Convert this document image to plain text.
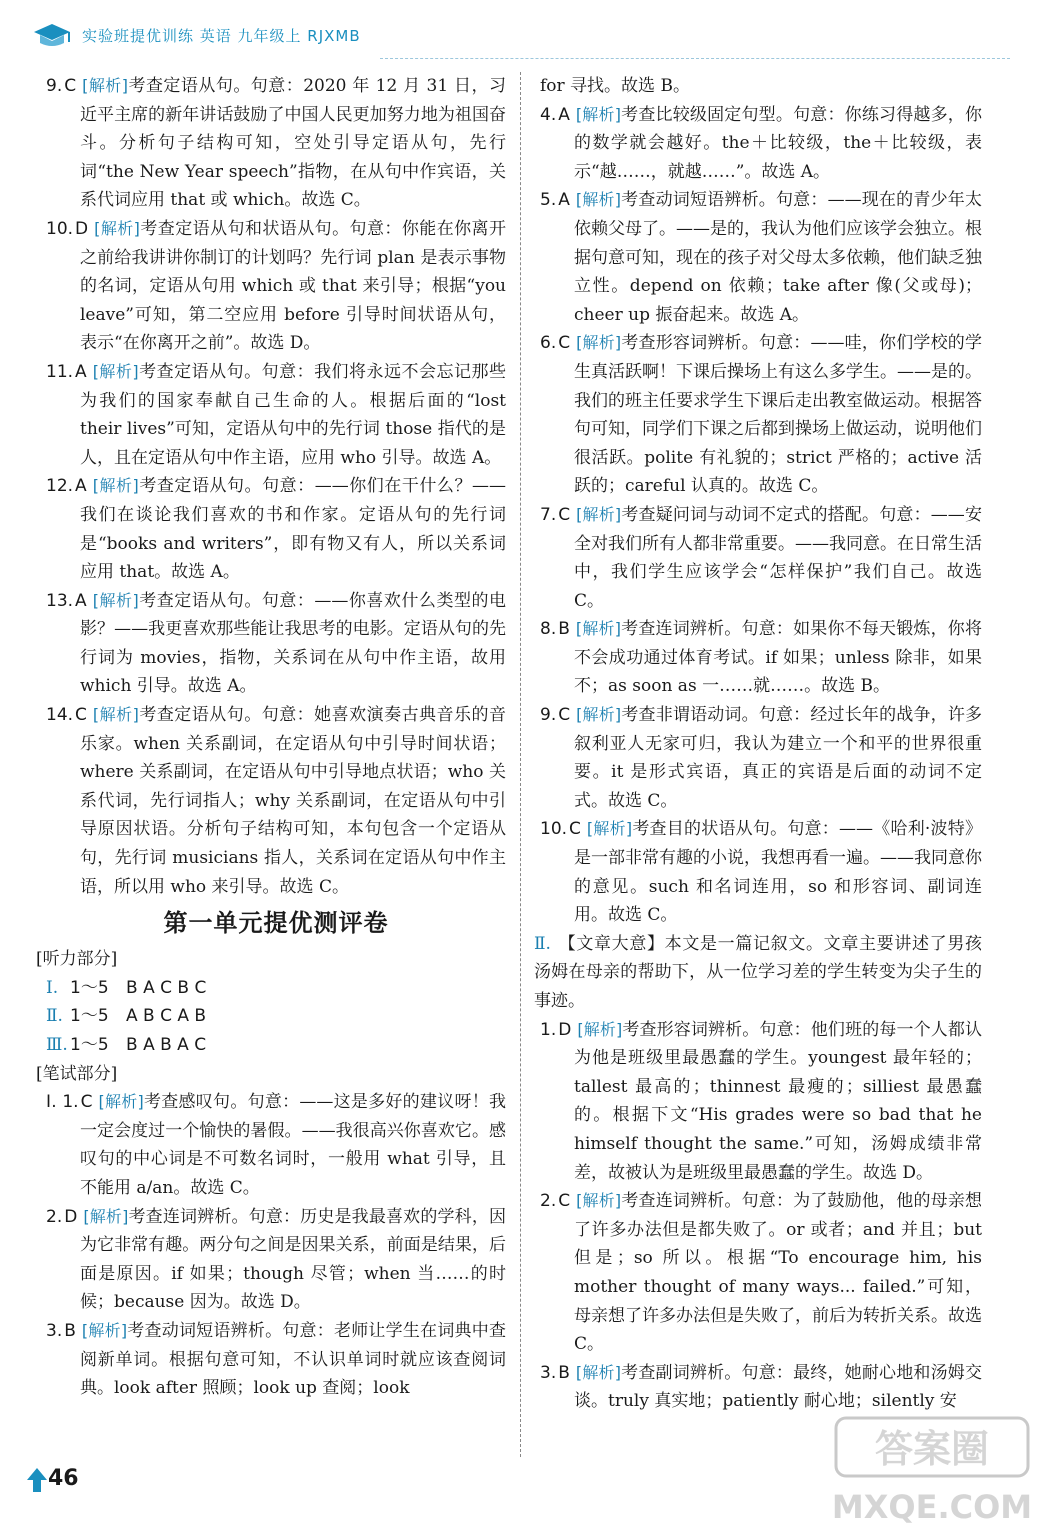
实验班提优训练 英语 九年级上 RJXMB

9. C [解析]考查定语从句。句意：2020 年 12 月 31 日，习近平主席的新年讲话鼓励了中国人民更加努力地为祖国奋斗。分析句子结构可知，空处引导定语从句，先行词“the New Year speech”指物，在从句中作宾语，关系代词应用 that 或 which。故选 C。

10. D [解析]考查定语从句和状语从句。句意：你能在你离开之前给我讲讲你制订的计划吗？先行词 plan 是表示事物的名词，定语从句用 which 或 that 来引导；根据“you leave”可知，第二空应用 before 引导时间状语从句，表示“在你离开之前”。故选 D。

11. A [解析]考查定语从句。句意：我们将永远不会忘记那些为我们的国家奉献自己生命的人。根据后面的“lost their lives”可知，定语从句中的先行词 those 指代的是人，且在定语从句中作主语，应用 who 引导。故选 A。

12. A [解析]考查定语从句。句意：——你们在干什么？——我们在谈论我们喜欢的书和作家。定语从句的先行词是“books and writers”，即有物又有人，所以关系词应用 that。故选 A。

13. A [解析]考查定语从句。句意：——你喜欢什么类型的电影？——我更喜欢那些能让我思考的电影。定语从句的先行词为 movies，指物，关系词在从句中作主语，故用 which 引导。故选 A。

14. C [解析]考查定语从句。句意：她喜欢演奏古典音乐的音乐家。when 关系副词，在定语从句中引导时间状语；where 关系副词，在定语从句中引导地点状语；who 关系代词，先行词指人；why 关系副词，在定语从句中引导原因状语。分析句子结构可知，本句包含一个定语从句，先行词 musicians 指人，关系词在定语从句中作主语，所以用 who 来引导。故选 C。

第一单元提优测评卷
[听力部分]
Ⅰ. 1～5 B A C B C
Ⅱ. 1～5 A B C A B
Ⅲ. 1～5 B A B A C
[笔试部分]

Ⅰ. 1. C [解析]考查感叹句。句意：——这是多好的建议呀！我一定会度过一个愉快的暑假。——我很高兴你喜欢它。感叹句的中心词是不可数名词时，一般用 what 引导，且不能用 a/an。故选 C。

2. D [解析]考查连词辨析。句意：历史是我最喜欢的学科，因为它非常有趣。两分句之间是因果关系，前面是结果，后面是原因。if 如果；though 尽管；when 当……的时候；because 因为。故选 D。

3. B [解析]考查动词短语辨析。句意：老师让学生在词典中查阅新单词。根据句意可知，不认识单词时就应该查阅词典。look after 照顾；look up 查阅；look

for 寻找。故选 B。

4. A [解析]考查比较级固定句型。句意：你练习得越多，你的数学就会越好。the＋比较级，the＋比较级，表示“越……，就越……”。故选 A。

5. A [解析]考查动词短语辨析。句意：——现在的青少年太依赖父母了。——是的，我认为他们应该学会独立。根据句意可知，现在的孩子对父母太多依赖，他们缺乏独立性。depend on 依赖；take after 像(父或母)；cheer up 振奋起来。故选 A。

6. C [解析]考查形容词辨析。句意：——哇，你们学校的学生真活跃啊！下课后操场上有这么多学生。——是的。我们的班主任要求学生下课后走出教室做运动。根据答句可知，同学们下课之后都到操场上做运动，说明他们很活跃。polite 有礼貌的；strict 严格的；active 活跃的；careful 认真的。故选 C。

7. C [解析]考查疑问词与动词不定式的搭配。句意：——安全对我们所有人都非常重要。——我同意。在日常生活中，我们学生应该学会“怎样保护”我们自己。故选 C。

8. B [解析]考查连词辨析。句意：如果你不每天锻炼，你将不会成功通过体育考试。if 如果；unless 除非，如果不；as soon as 一……就……。故选 B。

9. C [解析]考查非谓语动词。句意：经过长年的战争，许多叙利亚人无家可归，我认为建立一个和平的世界很重要。it 是形式宾语，真正的宾语是后面的动词不定式。故选 C。

10. C [解析]考查目的状语从句。句意：——《哈利·波特》是一部非常有趣的小说，我想再看一遍。——我同意你的意见。such 和名词连用，so 和形容词、副词连用。故选 C。

Ⅱ. 【文章大意】本文是一篇记叙文。文章主要讲述了男孩汤姆在母亲的帮助下，从一位学习差的学生转变为尖子生的事迹。

1. D [解析]考查形容词辨析。句意：他们班的每一个人都认为他是班级里最愚蠢的学生。youngest 最年轻的；tallest 最高的；thinnest 最瘦的；silliest 最愚蠢的。根据下文“His grades were so bad that he himself thought the same.”可知，汤姆成绩非常差，故被认为是班级里最愚蠢的学生。故选 D。

2. C [解析]考查连词辨析。句意：为了鼓励他，他的母亲想了许多办法但是都失败了。or 或者；and 并且；but 但是；so 所以。根据“To encourage him, his mother thought of many ways... failed.”可知，母亲想了许多办法但是失败了，前后为转折关系。故选 C。

3. B [解析]考查副词辨析。句意：最终，她耐心地和汤姆交谈。truly 真实地；patiently 耐心地；silently 安

46
答案圈
MXQE.COM
